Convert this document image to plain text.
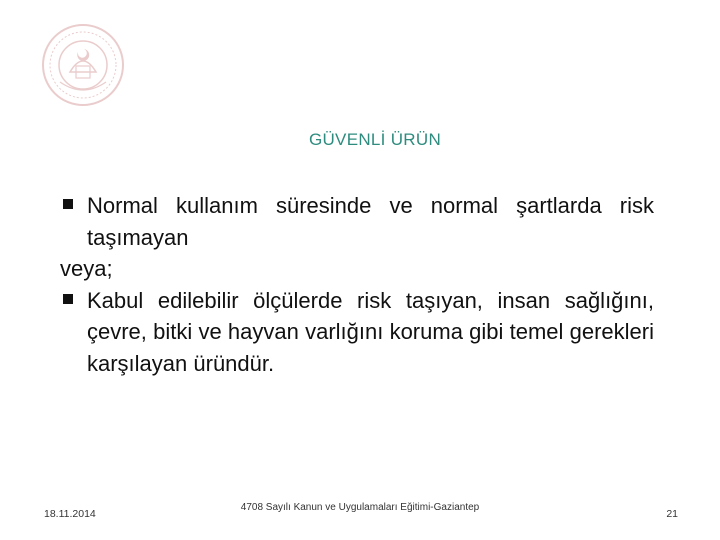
GÜVENLİ ÜRÜN
Normal kullanım süresinde ve normal şartlarda risk taşımayan
veya;
Kabul edilebilir ölçülerde risk taşıyan, insan sağlığını, çevre, bitki ve hayvan varlığını koruma gibi temel gerekleri karşılayan üründür.
18.11.2014
4708 Sayılı Kanun ve Uygulamaları Eğitimi-Gaziantep
21
